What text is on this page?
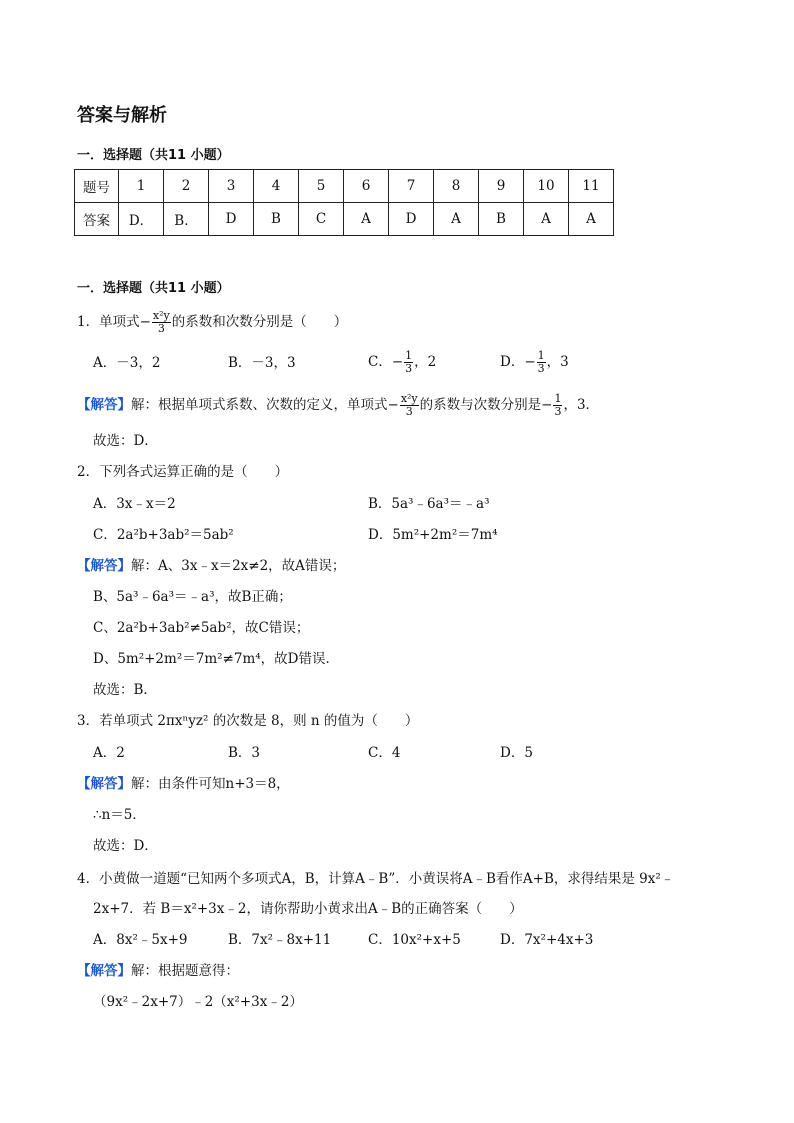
答案与解析
一．选择题（共11 小题）
题号	1	2	3	4	5	6	7	8	9	10	11
答案	D．	B．	D	B	C	A	D	A	B	A	A
一．选择题（共11 小题）
1．单项式− $\frac{\text{x²y}}{3}$ 的系数和次数分别是（　　）
A．－3，2	B．－3，3	C．− $\frac{1}{3}$ ，2	D．− $\frac{1}{3}$ ，3
【解答】解：根据单项式系数、次数的定义，单项式− $\frac{\text{x²y}}{3}$ 的系数与次数分别是− $\frac{1}{3}$ ，3．
故选：D．
2．下列各式运算正确的是（　　）
A．3x﹣x＝2	B．5a³﹣6a³＝﹣a³
C．2a²b+3ab²＝5ab²	D．5m²+2m²＝7m⁴
【解答】解：A、3x﹣x＝2x≠2，故A错误；
B、5a³﹣6a³＝﹣a³，故B正确；
C、2a²b+3ab²≠5ab²，故C错误；
D、5m²+2m²＝7m²≠7m⁴，故D错误．
故选：B．
3．若单项式 2πxⁿyz² 的次数是 8，则 n 的值为（　　）
A．2	B．3	C．4	D．5
【解答】解：由条件可知n+3＝8，
∴n＝5．
故选：D．
4．小黄做一道题“已知两个多项式A，B，计算A﹣B”．小黄误将A﹣B看作A+B，求得结果是 9x²﹣
2x+7．若 B＝x²+3x﹣2，请你帮助小黄求出A﹣B的正确答案（　　）
A．8x²﹣5x+9	B．7x²﹣8x+11	C．10x²+x+5	D．7x²+4x+3
【解答】解：根据题意得：
（9x²﹣2x+7）﹣2（x²+3x﹣2）
